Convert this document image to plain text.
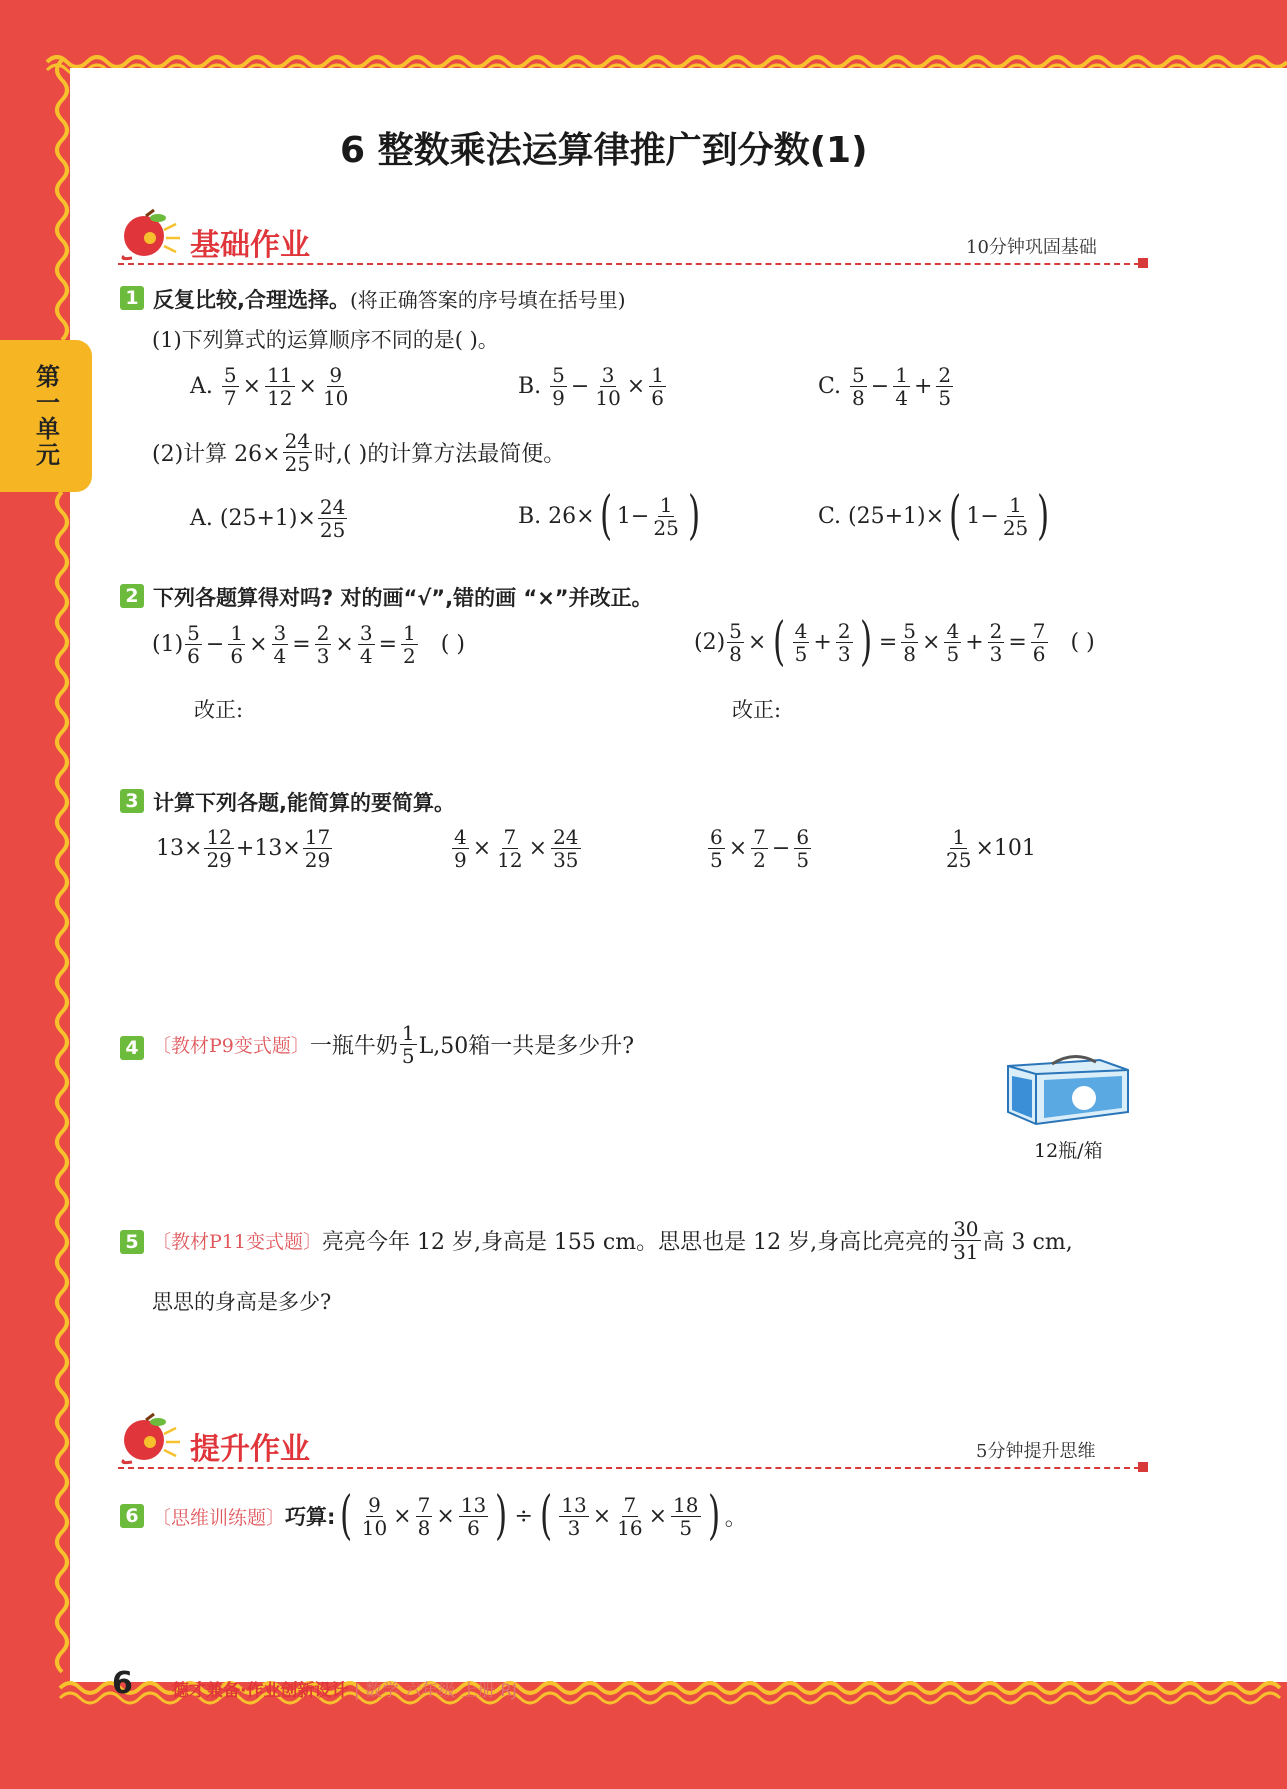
第一单元
6 整数乘法运算律推广到分数(1)
基础作业	10分钟巩固基础
1 反复比较,合理选择。(将正确答案的序号填在括号里)
(1)下列算式的运算顺序不同的是( )。
A.
$\frac{5}{7} \times \frac{11}{12} \times \frac{9}{10}$	B.
$\frac{5}{9} - \frac{3}{10} \times \frac{1}{6}$	C.
$\frac{5}{8} - \frac{1}{4} + \frac{2}{5}$
(2)计算 $26\times \frac{24}{25}$ 时,( )的计算方法最简便。
A.
$(25+1)\times \frac{24}{25}$	B.
26× ( $1- \frac{1}{25}$ )	C.
(25+1)× ( $1- \frac{1}{25}$ )
2 下列各题算得对吗? 对的画“√”,错的画 “×”并改正。
$(1) \frac{5}{6} - \frac{1}{6} \times \frac{3}{4} = \frac{2}{3} \times \frac{3}{4} = \frac{1}{2}$
( )
改正:
$(2) \frac{5}{8}$ × ( $\frac{4}{5} + \frac{2}{3}$ ) = $\frac{5}{8} \times \frac{4}{5} + \frac{2}{3} = \frac{7}{6}$
( )
改正:
3 计算下列各题,能简算的要简算。
$13\times \frac{12}{29} +13\times \frac{17}{29}$	$\frac{4}{9} \times \frac{7}{12} \times \frac{24}{35}$	$\frac{6}{5} \times \frac{7}{2} - \frac{6}{5}$	$\frac{1}{25} \times 101$
4 〔教材P9变式题〕 一瓶牛奶 $\frac{1}{5} L,50$箱一共是多少升?
12瓶/箱
5 〔教材P11变式题〕 亮亮今年 12 岁,身高是 155 cm。思思也是 12 岁,身高比亮亮的 $\frac{30}{31}$ 高 3 cm,
思思的身高是多少?
提升作业	5分钟提升思维
6 〔思维训练题〕 巧算: ( $\frac{9}{10} \times \frac{7}{8} \times \frac{13}{6}$ ) ÷ ( $\frac{13}{3} \times \frac{7}{16} \times \frac{18}{5}$ ) 。
6 德才兼备·作业创新设计 | 数学 六年级 上册 RJ
